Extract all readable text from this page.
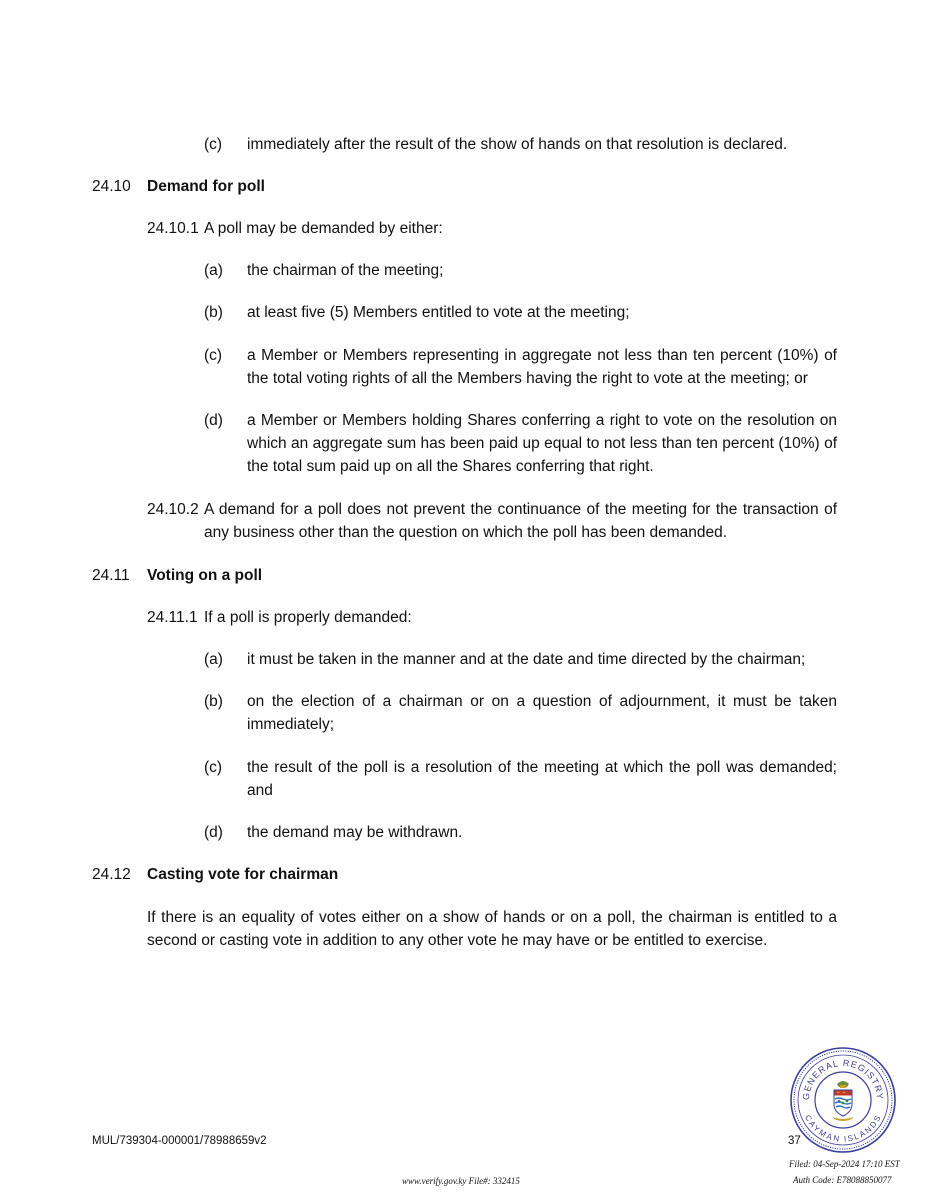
(c) immediately after the result of the show of hands on that resolution is declared.
24.10 Demand for poll
24.10.1 A poll may be demanded by either:
(a) the chairman of the meeting;
(b) at least five (5) Members entitled to vote at the meeting;
(c) a Member or Members representing in aggregate not less than ten percent (10%) of the total voting rights of all the Members having the right to vote at the meeting; or
(d) a Member or Members holding Shares conferring a right to vote on the resolution on which an aggregate sum has been paid up equal to not less than ten percent (10%) of the total sum paid up on all the Shares conferring that right.
24.10.2 A demand for a poll does not prevent the continuance of the meeting for the transaction of any business other than the question on which the poll has been demanded.
24.11 Voting on a poll
24.11.1 If a poll is properly demanded:
(a) it must be taken in the manner and at the date and time directed by the chairman;
(b) on the election of a chairman or on a question of adjournment, it must be taken immediately;
(c) the result of the poll is a resolution of the meeting at which the poll was demanded; and
(d) the demand may be withdrawn.
24.12 Casting vote for chairman
If there is an equality of votes either on a show of hands or on a poll, the chairman is entitled to a second or casting vote in addition to any other vote he may have or be entitled to exercise.
MUL/739304-000001/78988659v2	37
www.verify.gov.ky File#: 332415
Filed: 04-Sep-2024 17:10 EST
Auth Code: E78088850077
GENERAL REGISTRY
CAYMAN ISLANDS
